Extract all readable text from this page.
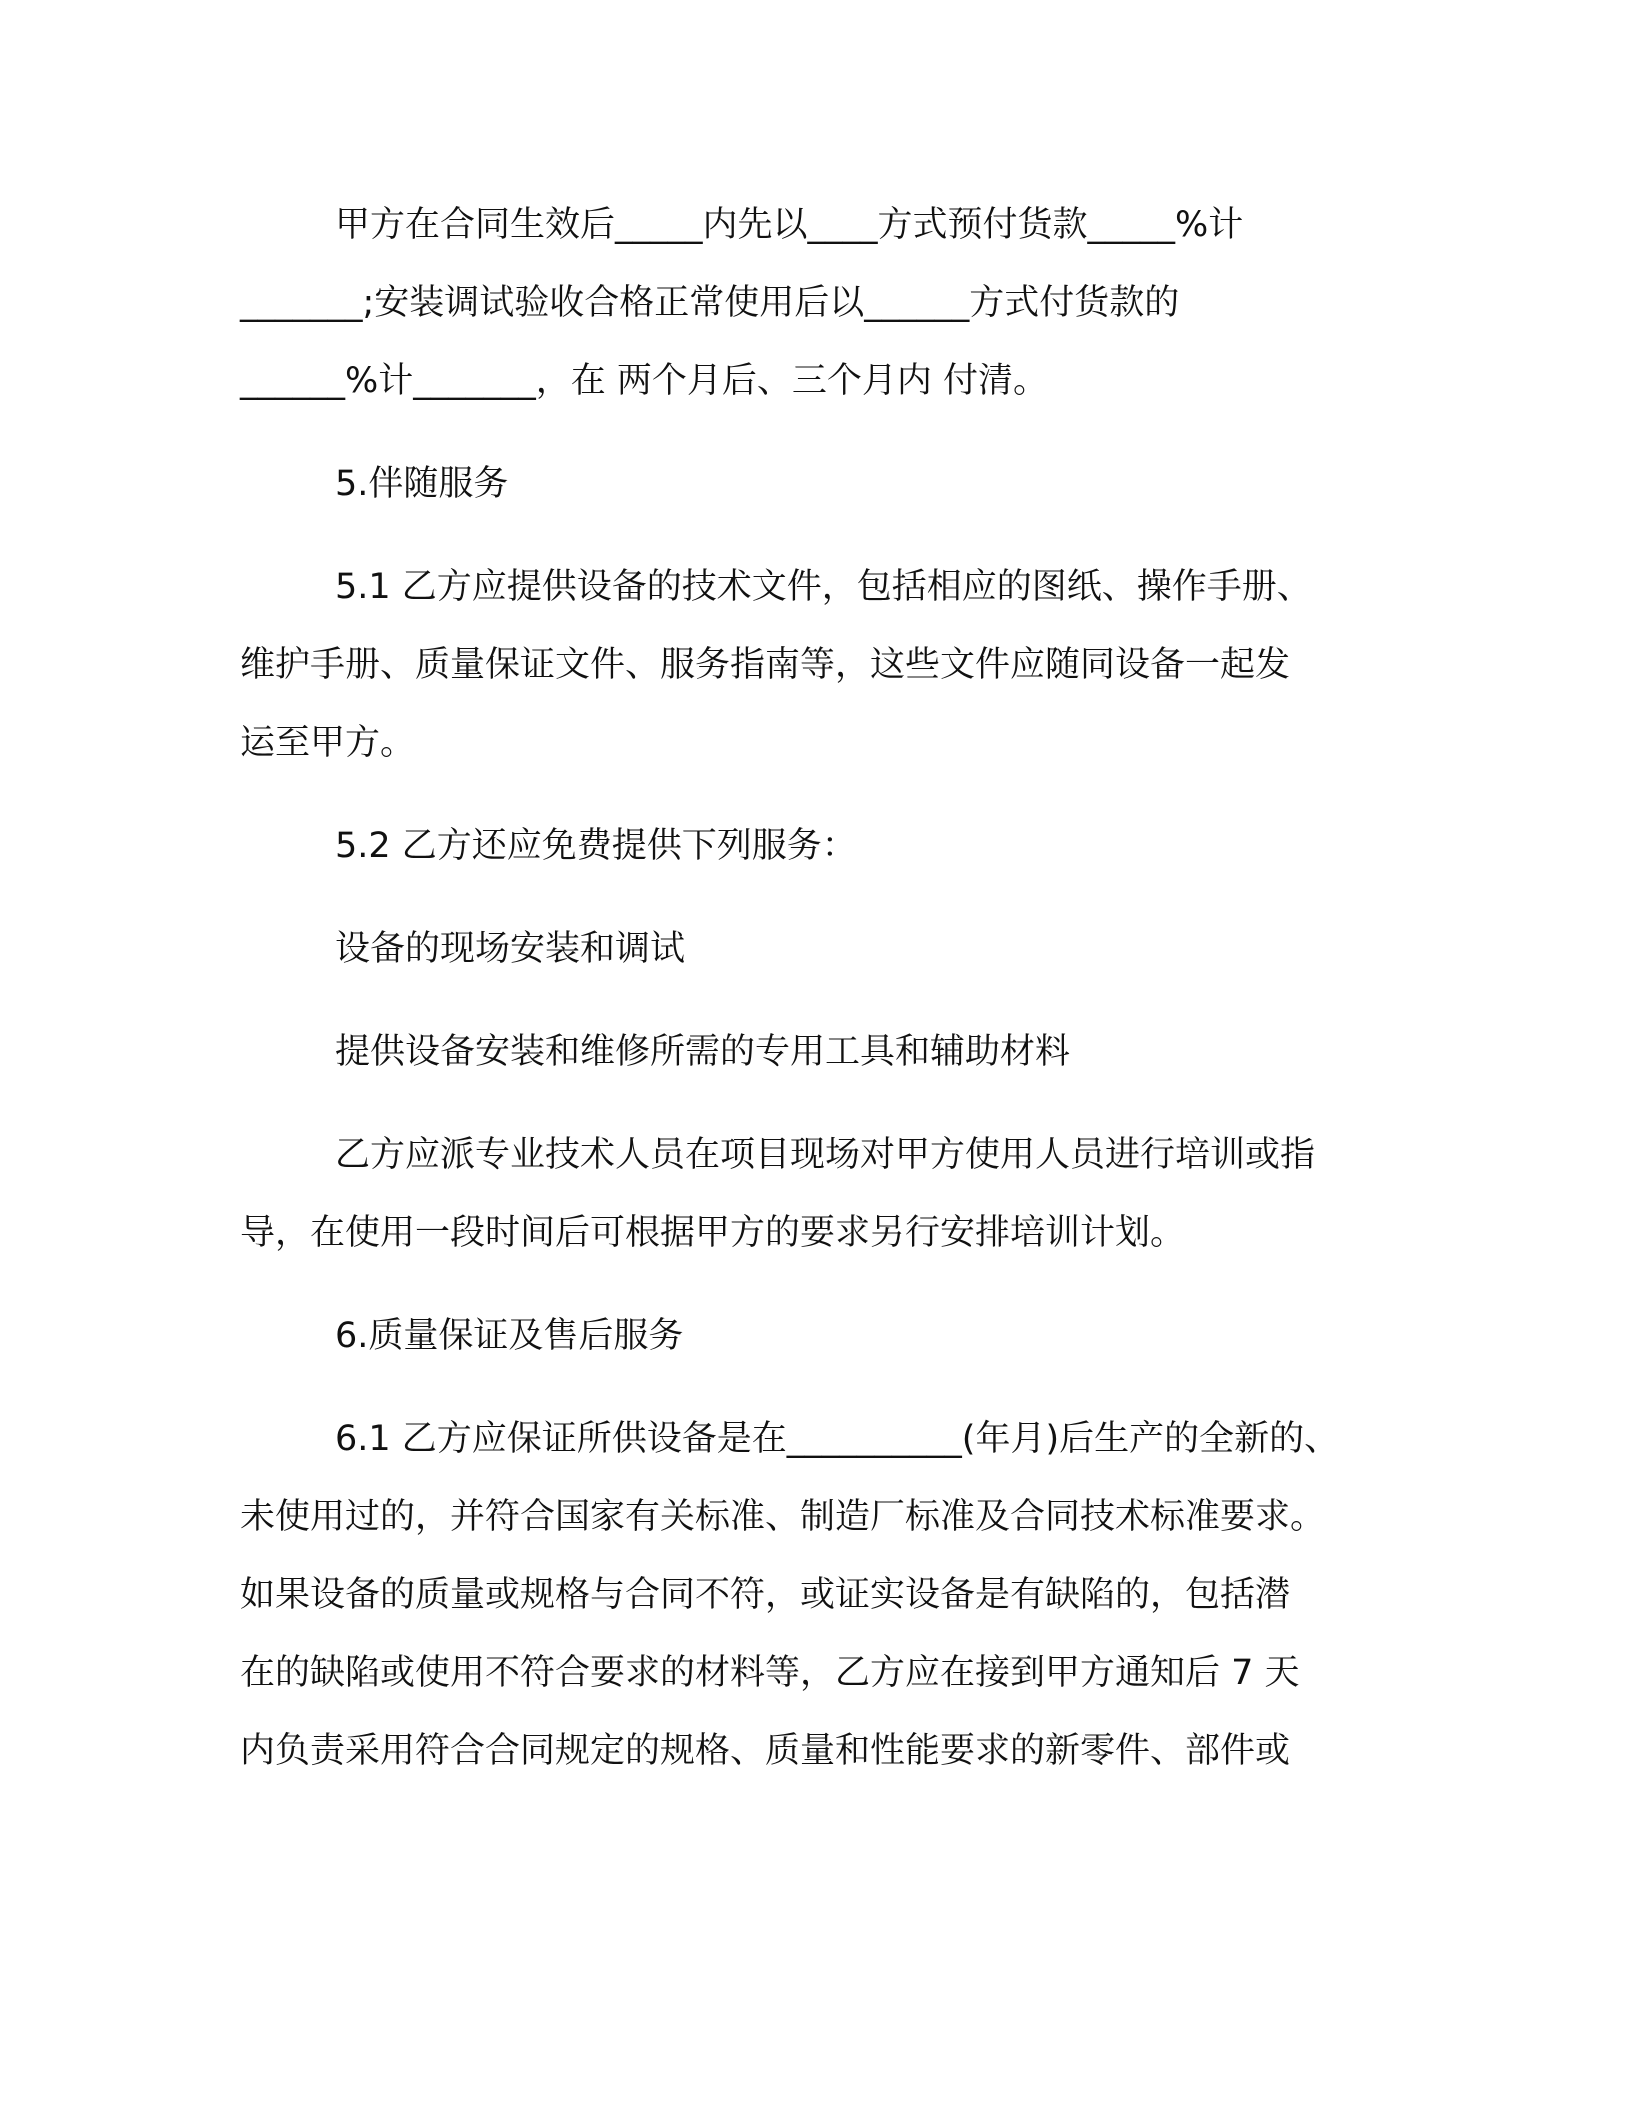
甲方在合同生效后_____内先以____方式预付货款_____%计
_______;安装调试验收合格正常使用后以______方式付货款的
______%计_______，在 两个月后、三个月内 付清。
5.伴随服务
5.1 乙方应提供设备的技术文件，包括相应的图纸、操作手册、
维护手册、质量保证文件、服务指南等，这些文件应随同设备一起发
运至甲方。
5.2 乙方还应免费提供下列服务：
设备的现场安装和调试
提供设备安装和维修所需的专用工具和辅助材料
乙方应派专业技术人员在项目现场对甲方使用人员进行培训或指
导，在使用一段时间后可根据甲方的要求另行安排培训计划。
6.质量保证及售后服务
6.1 乙方应保证所供设备是在__________(年月)后生产的全新的、
未使用过的，并符合国家有关标准、制造厂标准及合同技术标准要求。
如果设备的质量或规格与合同不符，或证实设备是有缺陷的，包括潜
在的缺陷或使用不符合要求的材料等，乙方应在接到甲方通知后 7 天
内负责采用符合合同规定的规格、质量和性能要求的新零件、部件或
